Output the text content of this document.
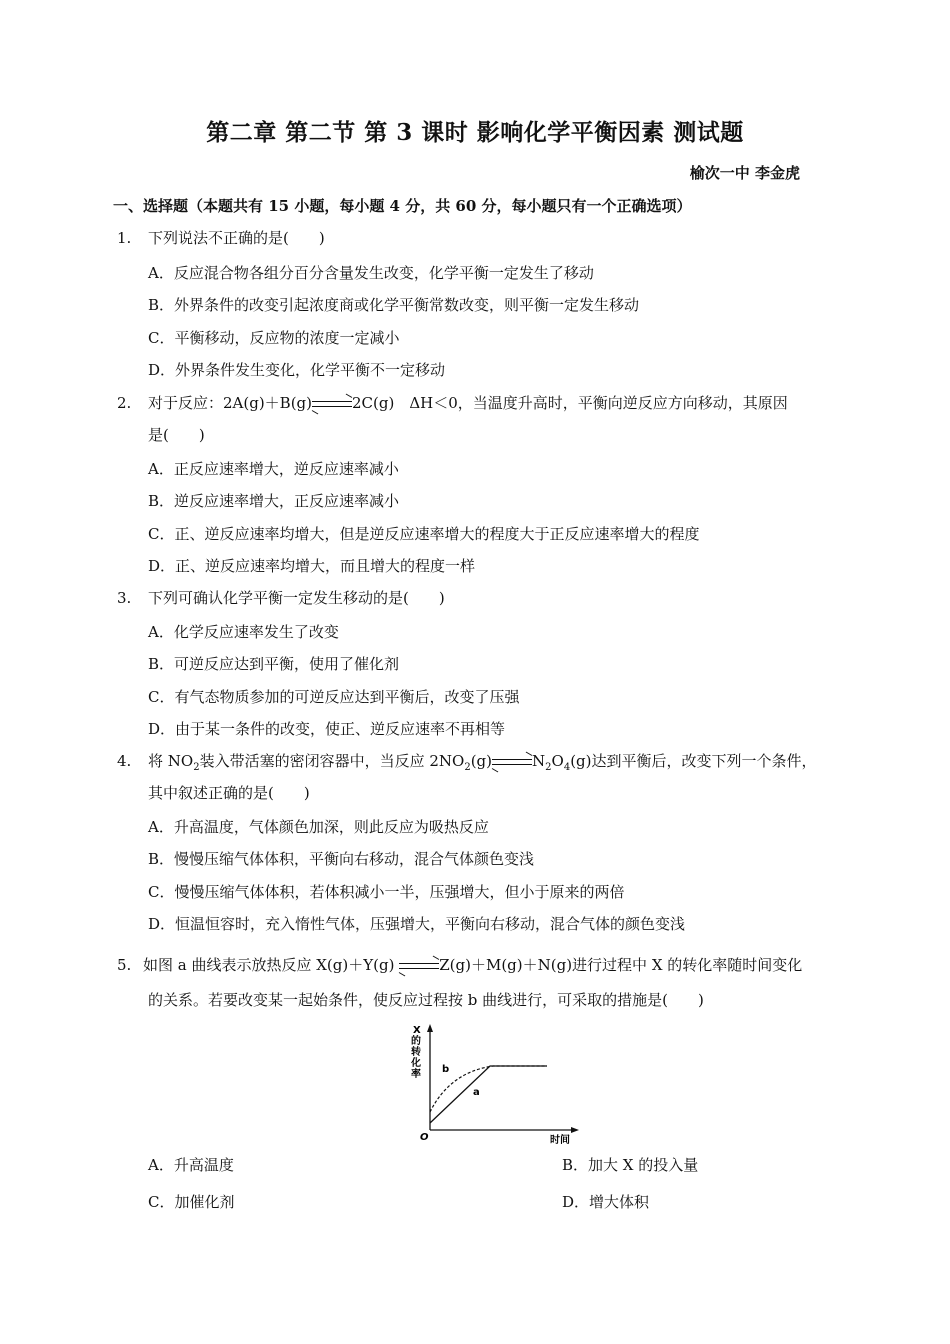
第二章 第二节 第 3 课时 影响化学平衡因素 测试题
榆次一中 李金虎
一、选择题（本题共有 15 小题，每小题 4 分，共 60 分，每小题只有一个正确选项）
1. 下列说法不正确的是(　　)
A．反应混合物各组分百分含量发生改变，化学平衡一定发生了移动
B．外界条件的改变引起浓度商或化学平衡常数改变，则平衡一定发生移动
C．平衡移动，反应物的浓度一定减小
D．外界条件发生变化，化学平衡不一定移动
2. 对于反应：2A(g)＋B(g)	2C(g)　ΔH＜0，当温度升高时，平衡向逆反应方向移动，其原因
是(　　)
A．正反应速率增大，逆反应速率减小
B．逆反应速率增大，正反应速率减小
C．正、逆反应速率均增大，但是逆反应速率增大的程度大于正反应速率增大的程度
D．正、逆反应速率均增大，而且增大的程度一样
3. 下列可确认化学平衡一定发生移动的是(　　)
A．化学反应速率发生了改变
B．可逆反应达到平衡，使用了催化剂
C．有气态物质参加的可逆反应达到平衡后，改变了压强
D．由于某一条件的改变，使正、逆反应速率不再相等
4. 将 $NO_2$装入带活塞的密闭容器中，当反应 $2NO_2(g)$	$N_2O_4(g)$达到平衡后，改变下列一个条件，
其中叙述正确的是(　　)
A．升高温度，气体颜色加深，则此反应为吸热反应
B．慢慢压缩气体体积，平衡向右移动，混合气体颜色变浅
C．慢慢压缩气体体积，若体积减小一半，压强增大，但小于原来的两倍
D．恒温恒容时，充入惰性气体，压强增大，平衡向右移动，混合气体的颜色变浅
5. 如图 a 曲线表示放热反应 X(g)＋Y(g)	Z(g)＋M(g)＋N(g)进行过程中 X 的转化率随时间变化
的关系。若要改变某一起始条件，使反应过程按 b 曲线进行，可采取的措施是(　　)
X
的
转
化
率
O	时间
b
a
A．升高温度	B．加大 X 的投入量
C．加催化剂	D．增大体积
